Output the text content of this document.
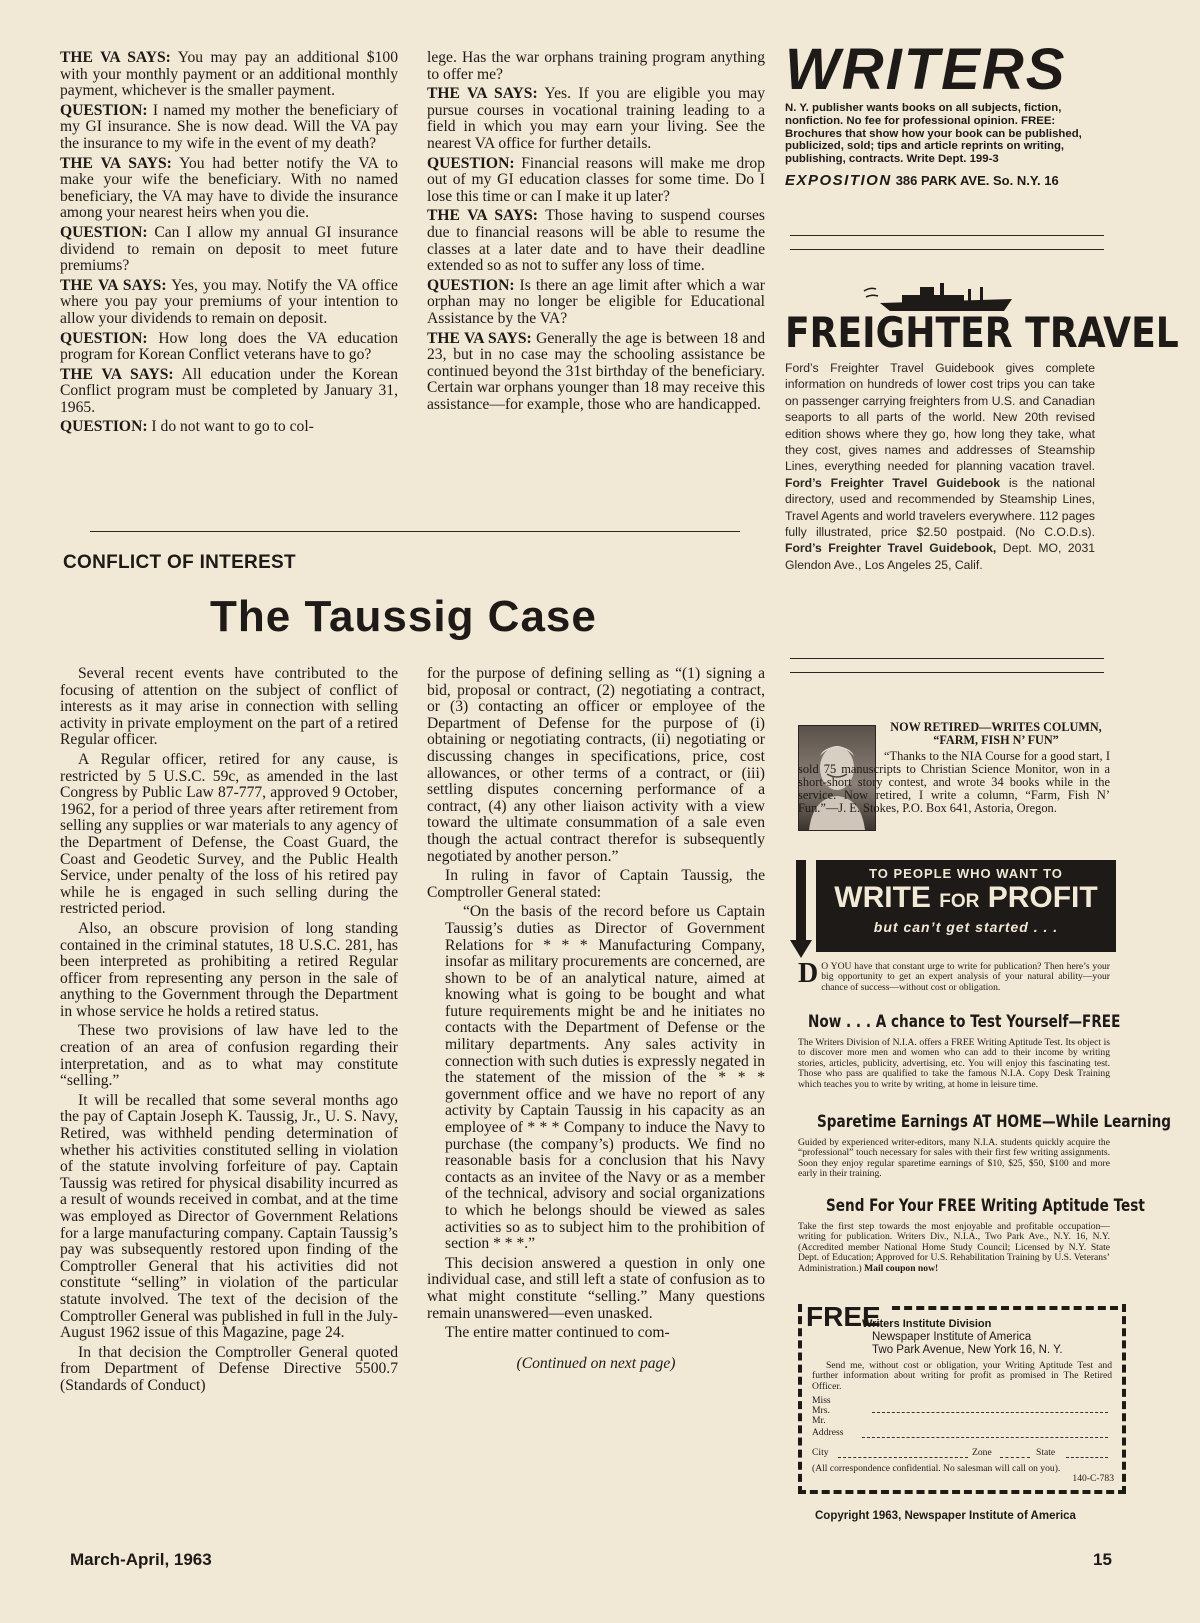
THE VA SAYS: You may pay an additional $100 with your monthly payment or an additional monthly payment, whichever is the smaller payment.

QUESTION: I named my mother the beneficiary of my GI insurance. She is now dead. Will the VA pay the insurance to my wife in the event of my death?

THE VA SAYS: You had better notify the VA to make your wife the beneficiary. With no named beneficiary, the VA may have to divide the insurance among your nearest heirs when you die.

QUESTION: Can I allow my annual GI insurance dividend to remain on deposit to meet future premiums?

THE VA SAYS: Yes, you may. Notify the VA office where you pay your premiums of your intention to allow your dividends to remain on deposit.

QUESTION: How long does the VA education program for Korean Conflict veterans have to go?

THE VA SAYS: All education under the Korean Conflict program must be completed by January 31, 1965.

QUESTION: I do not want to go to col-

lege. Has the war orphans training program anything to offer me?

THE VA SAYS: Yes. If you are eligible you may pursue courses in vocational training leading to a field in which you may earn your living. See the nearest VA office for further details.

QUESTION: Financial reasons will make me drop out of my GI education classes for some time. Do I lose this time or can I make it up later?

THE VA SAYS: Those having to suspend courses due to financial reasons will be able to resume the classes at a later date and to have their deadline extended so as not to suffer any loss of time.

QUESTION: Is there an age limit after which a war orphan may no longer be eligible for Educational Assistance by the VA?

THE VA SAYS: Generally the age is between 18 and 23, but in no case may the schooling assistance be continued beyond the 31st birthday of the beneficiary. Certain war orphans younger than 18 may receive this assistance—for example, those who are handicapped.

CONFLICT OF INTEREST
The Taussig Case

Several recent events have contributed to the focusing of attention on the subject of conflict of interests as it may arise in connection with selling activity in private employment on the part of a retired Regular officer.

A Regular officer, retired for any cause, is restricted by 5 U.S.C. 59c, as amended in the last Congress by Public Law 87-777, approved 9 October, 1962, for a period of three years after retirement from selling any supplies or war materials to any agency of the Department of Defense, the Coast Guard, the Coast and Geodetic Survey, and the Public Health Service, under penalty of the loss of his retired pay while he is engaged in such selling during the restricted period.

Also, an obscure provision of long standing contained in the criminal statutes, 18 U.S.C. 281, has been interpreted as prohibiting a retired Regular officer from representing any person in the sale of anything to the Government through the Department in whose service he holds a retired status.

These two provisions of law have led to the creation of an area of confusion regarding their interpretation, and as to what may constitute “selling.”

It will be recalled that some several months ago the pay of Captain Joseph K. Taussig, Jr., U. S. Navy, Retired, was withheld pending determination of whether his activities constituted selling in violation of the statute involving forfeiture of pay. Captain Taussig was retired for physical disability incurred as a result of wounds received in combat, and at the time was employed as Director of Government Relations for a large manufacturing company. Captain Taussig’s pay was subsequently restored upon finding of the Comptroller General that his activities did not constitute “selling” in violation of the particular statute involved. The text of the decision of the Comptroller General was published in full in the July-August 1962 issue of this Magazine, page 24.

In that decision the Comptroller General quoted from Department of Defense Directive 5500.7 (Standards of Conduct)

for the purpose of defining selling as “(1) signing a bid, proposal or contract, (2) negotiating a contract, or (3) contacting an officer or employee of the Department of Defense for the purpose of (i) obtaining or negotiating contracts, (ii) negotiating or discussing changes in specifications, price, cost allowances, or other terms of a contract, or (iii) settling disputes concerning performance of a contract, (4) any other liaison activity with a view toward the ultimate consummation of a sale even though the actual contract therefor is subsequently negotiated by another person.”

In ruling in favor of Captain Taussig, the Comptroller General stated:

“On the basis of the record before us Captain Taussig’s duties as Director of Government Relations for * * * Manufacturing Company, insofar as military procurements are concerned, are shown to be of an analytical nature, aimed at knowing what is going to be bought and what future requirements might be and he initiates no contacts with the Department of Defense or the military departments. Any sales activity in connection with such duties is expressly negated in the statement of the mission of the * * * government office and we have no report of any activity by Captain Taussig in his capacity as an employee of * * * Company to induce the Navy to purchase (the company’s) products. We find no reasonable basis for a conclusion that his Navy contacts as an invitee of the Navy or as a member of the technical, advisory and social organizations to which he belongs should be viewed as sales activities so as to subject him to the prohibition of section * * *.”

This decision answered a question in only one individual case, and still left a state of confusion as to what might constitute “selling.” Many questions remain unanswered—even unasked.

The entire matter continued to com-

(Continued on next page)

WRITERS
N. Y. publisher wants books on all subjects, fiction, nonfiction. No fee for professional opinion. FREE: Brochures that show how your book can be published, publicized, sold; tips and article reprints on writing, publishing, contracts. Write Dept. 199-3
EXPOSITION 386 PARK AVE. So. N.Y. 16
FREIGHTER TRAVEL
Ford’s Freighter Travel Guidebook gives complete information on hundreds of lower cost trips you can take on passenger carrying freighters from U.S. and Canadian seaports to all parts of the world. New 20th revised edition shows where they go, how long they take, what they cost, gives names and addresses of Steamship Lines, everything needed for planning vacation travel. Ford’s Freighter Travel Guidebook is the national directory, used and recommended by Steamship Lines, Travel Agents and world travelers everywhere. 112 pages fully illustrated, price $2.50 postpaid. (No C.O.D.s). Ford’s Freighter Travel Guidebook, Dept. MO, 2031 Glendon Ave., Los Angeles 25, Calif.
NOW RETIRED—WRITES COLUMN, “FARM, FISH N’ FUN”
“Thanks to the NIA Course for a good start, I sold 75 manuscripts to Christian Science Monitor, won in a short-short story contest, and wrote 34 books while in the service. Now retired, I write a column, “Farm, Fish N’ Fun.”—J. E. Stokes, P.O. Box 641, Astoria, Oregon.
TO PEOPLE WHO WANT TO
WRITE FOR PROFIT
but can’t get started . . .
D O YOU have that constant urge to write for publication? Then here’s your big opportunity to get an expert analysis of your natural ability—your chance of success—without cost or obligation.
Now . . . A chance to Test Yourself—FREE
The Writers Division of N.I.A. offers a FREE Writing Aptitude Test. Its object is to discover more men and women who can add to their income by writing stories, articles, publicity, advertising, etc. You will enjoy this fascinating test. Those who pass are qualified to take the famous N.I.A. Copy Desk Training which teaches you to write by writing, at home in leisure time.
Sparetime Earnings AT HOME—While Learning
Guided by experienced writer-editors, many N.I.A. students quickly acquire the “professional” touch necessary for sales with their first few writing assignments. Soon they enjoy regular sparetime earnings of $10, $25, $50, $100 and more early in their training.
Send For Your FREE Writing Aptitude Test
Take the first step towards the most enjoyable and profitable occupation—writing for publication. Writers Div., N.I.A., Two Park Ave., N.Y. 16, N.Y. (Accredited member National Home Study Council; Licensed by N.Y. State Dept. of Education; Approved for U.S. Rehabilitation Training by U.S. Veterans’ Administration.) Mail coupon now!
FREE
Writers Institute Division
Newspaper Institute of America
Two Park Avenue, New York 16, N. Y.
Send me, without cost or obligation, your Writing Aptitude Test and further information about writing for profit as promised in The Retired Officer.
Miss
Mrs.
Mr.
Address
City	Zone	State
(All correspondence confidential. No salesman will call on you).
140-C-783
Copyright 1963, Newspaper Institute of America
March-April, 1963	15
